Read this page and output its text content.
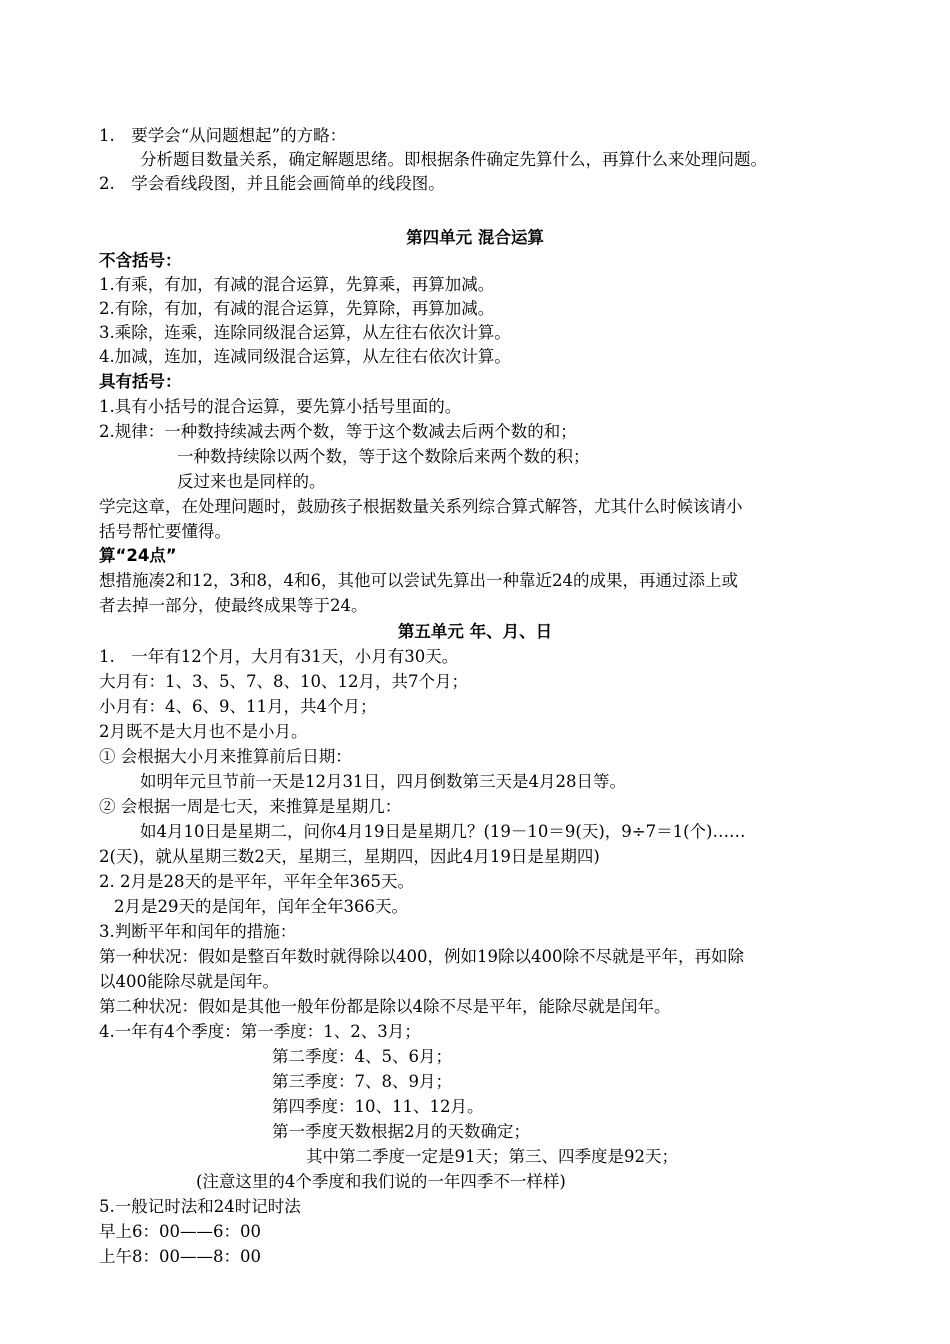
1.　要学会“从问题想起”的方略：
分析题目数量关系，确定解题思绪。即根据条件确定先算什么，再算什么来处理问题。
2.　学会看线段图，并且能会画简单的线段图。
第四单元 混合运算
不含括号：
1.有乘，有加，有减的混合运算，先算乘，再算加减。
2.有除，有加，有减的混合运算，先算除，再算加减。
3.乘除，连乘，连除同级混合运算，从左往右依次计算。
4.加减，连加，连减同级混合运算，从左往右依次计算。
具有括号：
1.具有小括号的混合运算，要先算小括号里面的。
2.规律：一种数持续减去两个数，等于这个数减去后两个数的和；
一种数持续除以两个数，等于这个数除后来两个数的积；
反过来也是同样的。
学完这章，在处理问题时，鼓励孩子根据数量关系列综合算式解答，尤其什么时候该请小
括号帮忙要懂得。
算“24点”
想措施凑2和12，3和8，4和6，其他可以尝试先算出一种靠近24的成果，再通过添上或
者去掉一部分，使最终成果等于24。
第五单元 年、月、日
1.　一年有12个月，大月有31天，小月有30天。
大月有：1、3、5、7、8、10、12月，共7个月；
小月有：4、6、9、11月，共4个月；
2月既不是大月也不是小月。
① 会根据大小月来推算前后日期：
如明年元旦节前一天是12月31日，四月倒数第三天是4月28日等。
② 会根据一周是七天，来推算是星期几：
如4月10日是星期二，问你4月19日是星期几？(19－10＝9(天)，9÷7＝1(个)……
2(天)，就从星期三数2天，星期三，星期四，因此4月19日是星期四)
2. 2月是28天的是平年，平年全年365天。
2月是29天的是闰年，闰年全年366天。
3.判断平年和闰年的措施：
第一种状况：假如是整百年数时就得除以400，例如19除以400除不尽就是平年，再如除
以400能除尽就是闰年。
第二种状况：假如是其他一般年份都是除以4除不尽是平年，能除尽就是闰年。
4.一年有4个季度：第一季度：1、2、3月；
第二季度：4、5、6月；
第三季度：7、8、9月；
第四季度：10、11、12月。
第一季度天数根据2月的天数确定；
其中第二季度一定是91天；第三、四季度是92天；
(注意这里的4个季度和我们说的一年四季不一样样)
5.一般记时法和24时记时法
早上6：00——6：00
上午8：00——8：00
